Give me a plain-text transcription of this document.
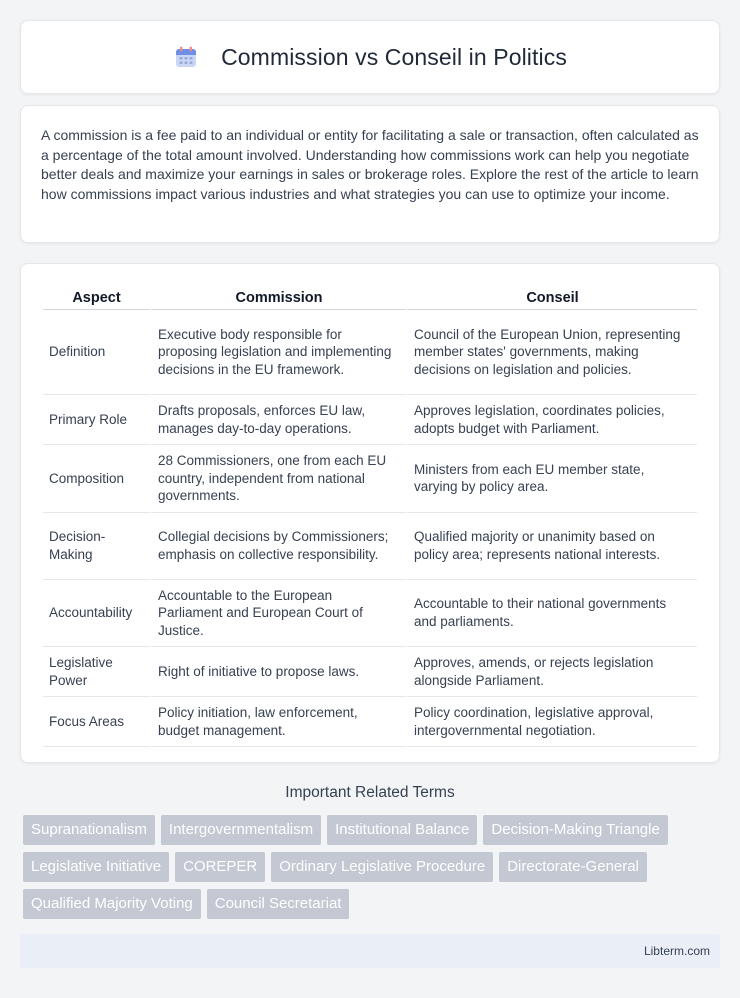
Commission vs Conseil in Politics

A commission is a fee paid to an individual or entity for facilitating a sale or transaction, often calculated as a percentage of the total amount involved. Understanding how commissions work can help you negotiate better deals and maximize your earnings in sales or brokerage roles. Explore the rest of the article to learn how commissions impact various industries and what strategies you can use to optimize your income.

Aspect	Commission	Conseil
Definition	Executive body responsible for proposing legislation and implementing decisions in the EU framework.	Council of the European Union, representing member states' governments, making decisions on legislation and policies.
Primary Role	Drafts proposals, enforces EU law, manages day-to-day operations.	Approves legislation, coordinates policies, adopts budget with Parliament.
Composition	28 Commissioners, one from each EU country, independent from national governments.	Ministers from each EU member state, varying by policy area.
Decision-Making	Collegial decisions by Commissioners; emphasis on collective responsibility.	Qualified majority or unanimity based on policy area; represents national interests.
Accountability	Accountable to the European Parliament and European Court of Justice.	Accountable to their national governments and parliaments.
Legislative Power	Right of initiative to propose laws.	Approves, amends, or rejects legislation alongside Parliament.
Focus Areas	Policy initiation, law enforcement, budget management.	Policy coordination, legislative approval, intergovernmental negotiation.
Important Related Terms
Supranationalism	Intergovernmentalism	Institutional Balance	Decision-Making Triangle
Legislative Initiative	COREPER	Ordinary Legislative Procedure	Directorate-General
Qualified Majority Voting	Council Secretariat
Libterm.com
